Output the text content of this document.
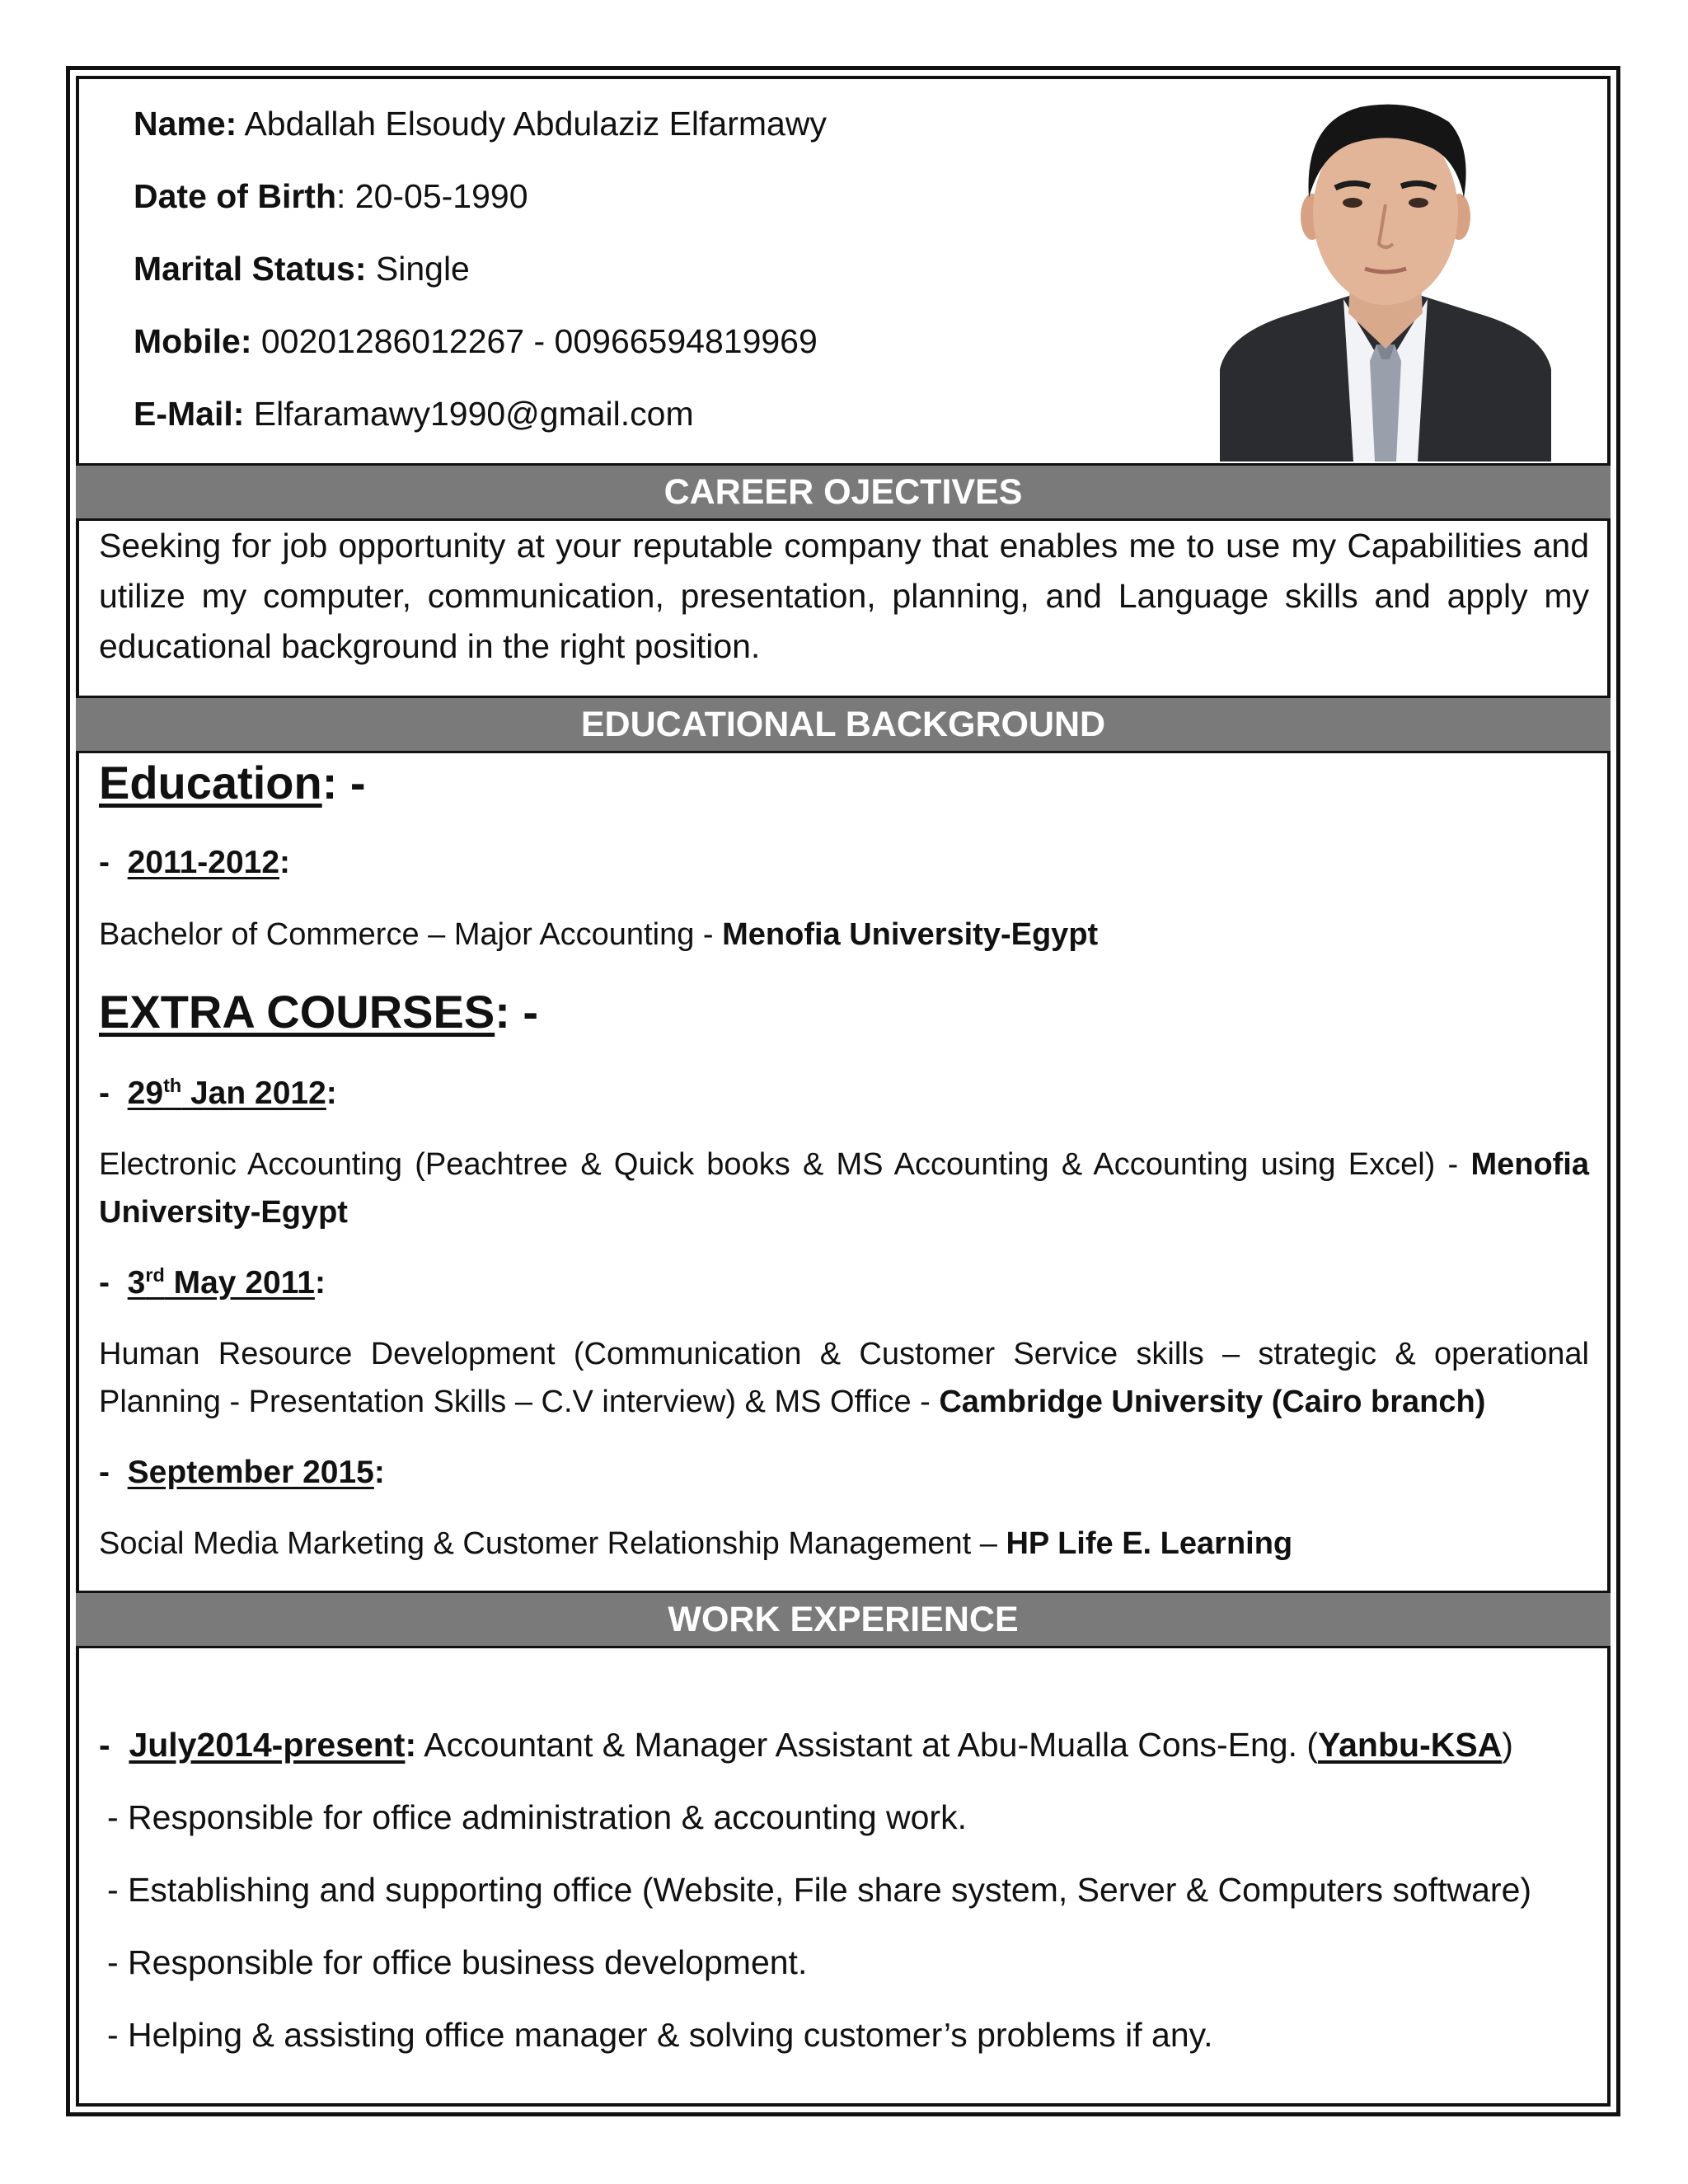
Name: Abdallah Elsoudy Abdulaziz Elfarmawy
Date of Birth: 20-05-1990
Marital Status: Single
Mobile: 00201286012267 - 00966594819969
E-Mail: Elfaramawy1990@gmail.com
CAREER OJECTIVES
Seeking for job opportunity at your reputable company that enables me to use my Capabilities and utilize my computer, communication, presentation, planning, and Language skills and apply my educational background in the right position.
EDUCATIONAL BACKGROUND
Education: -
-  2011-2012:
Bachelor of Commerce – Major Accounting - Menofia University-Egypt
EXTRA COURSES: -
-  29th Jan 2012:
Electronic Accounting (Peachtree & Quick books & MS Accounting & Accounting using Excel) - Menofia University-Egypt
-  3rd May 2011:
Human Resource Development (Communication & Customer Service skills – strategic & operational Planning - Presentation Skills – C.V interview) & MS Office - Cambridge University (Cairo branch)
-  September 2015:
Social Media Marketing & Customer Relationship Management – HP Life E. Learning
WORK EXPERIENCE
-  July2014-present: Accountant & Manager Assistant at Abu-Mualla Cons-Eng. (Yanbu-KSA)
- Responsible for office administration & accounting work.
- Establishing and supporting office (Website, File share system, Server & Computers software)
- Responsible for office business development.
- Helping & assisting office manager & solving customer’s problems if any.
